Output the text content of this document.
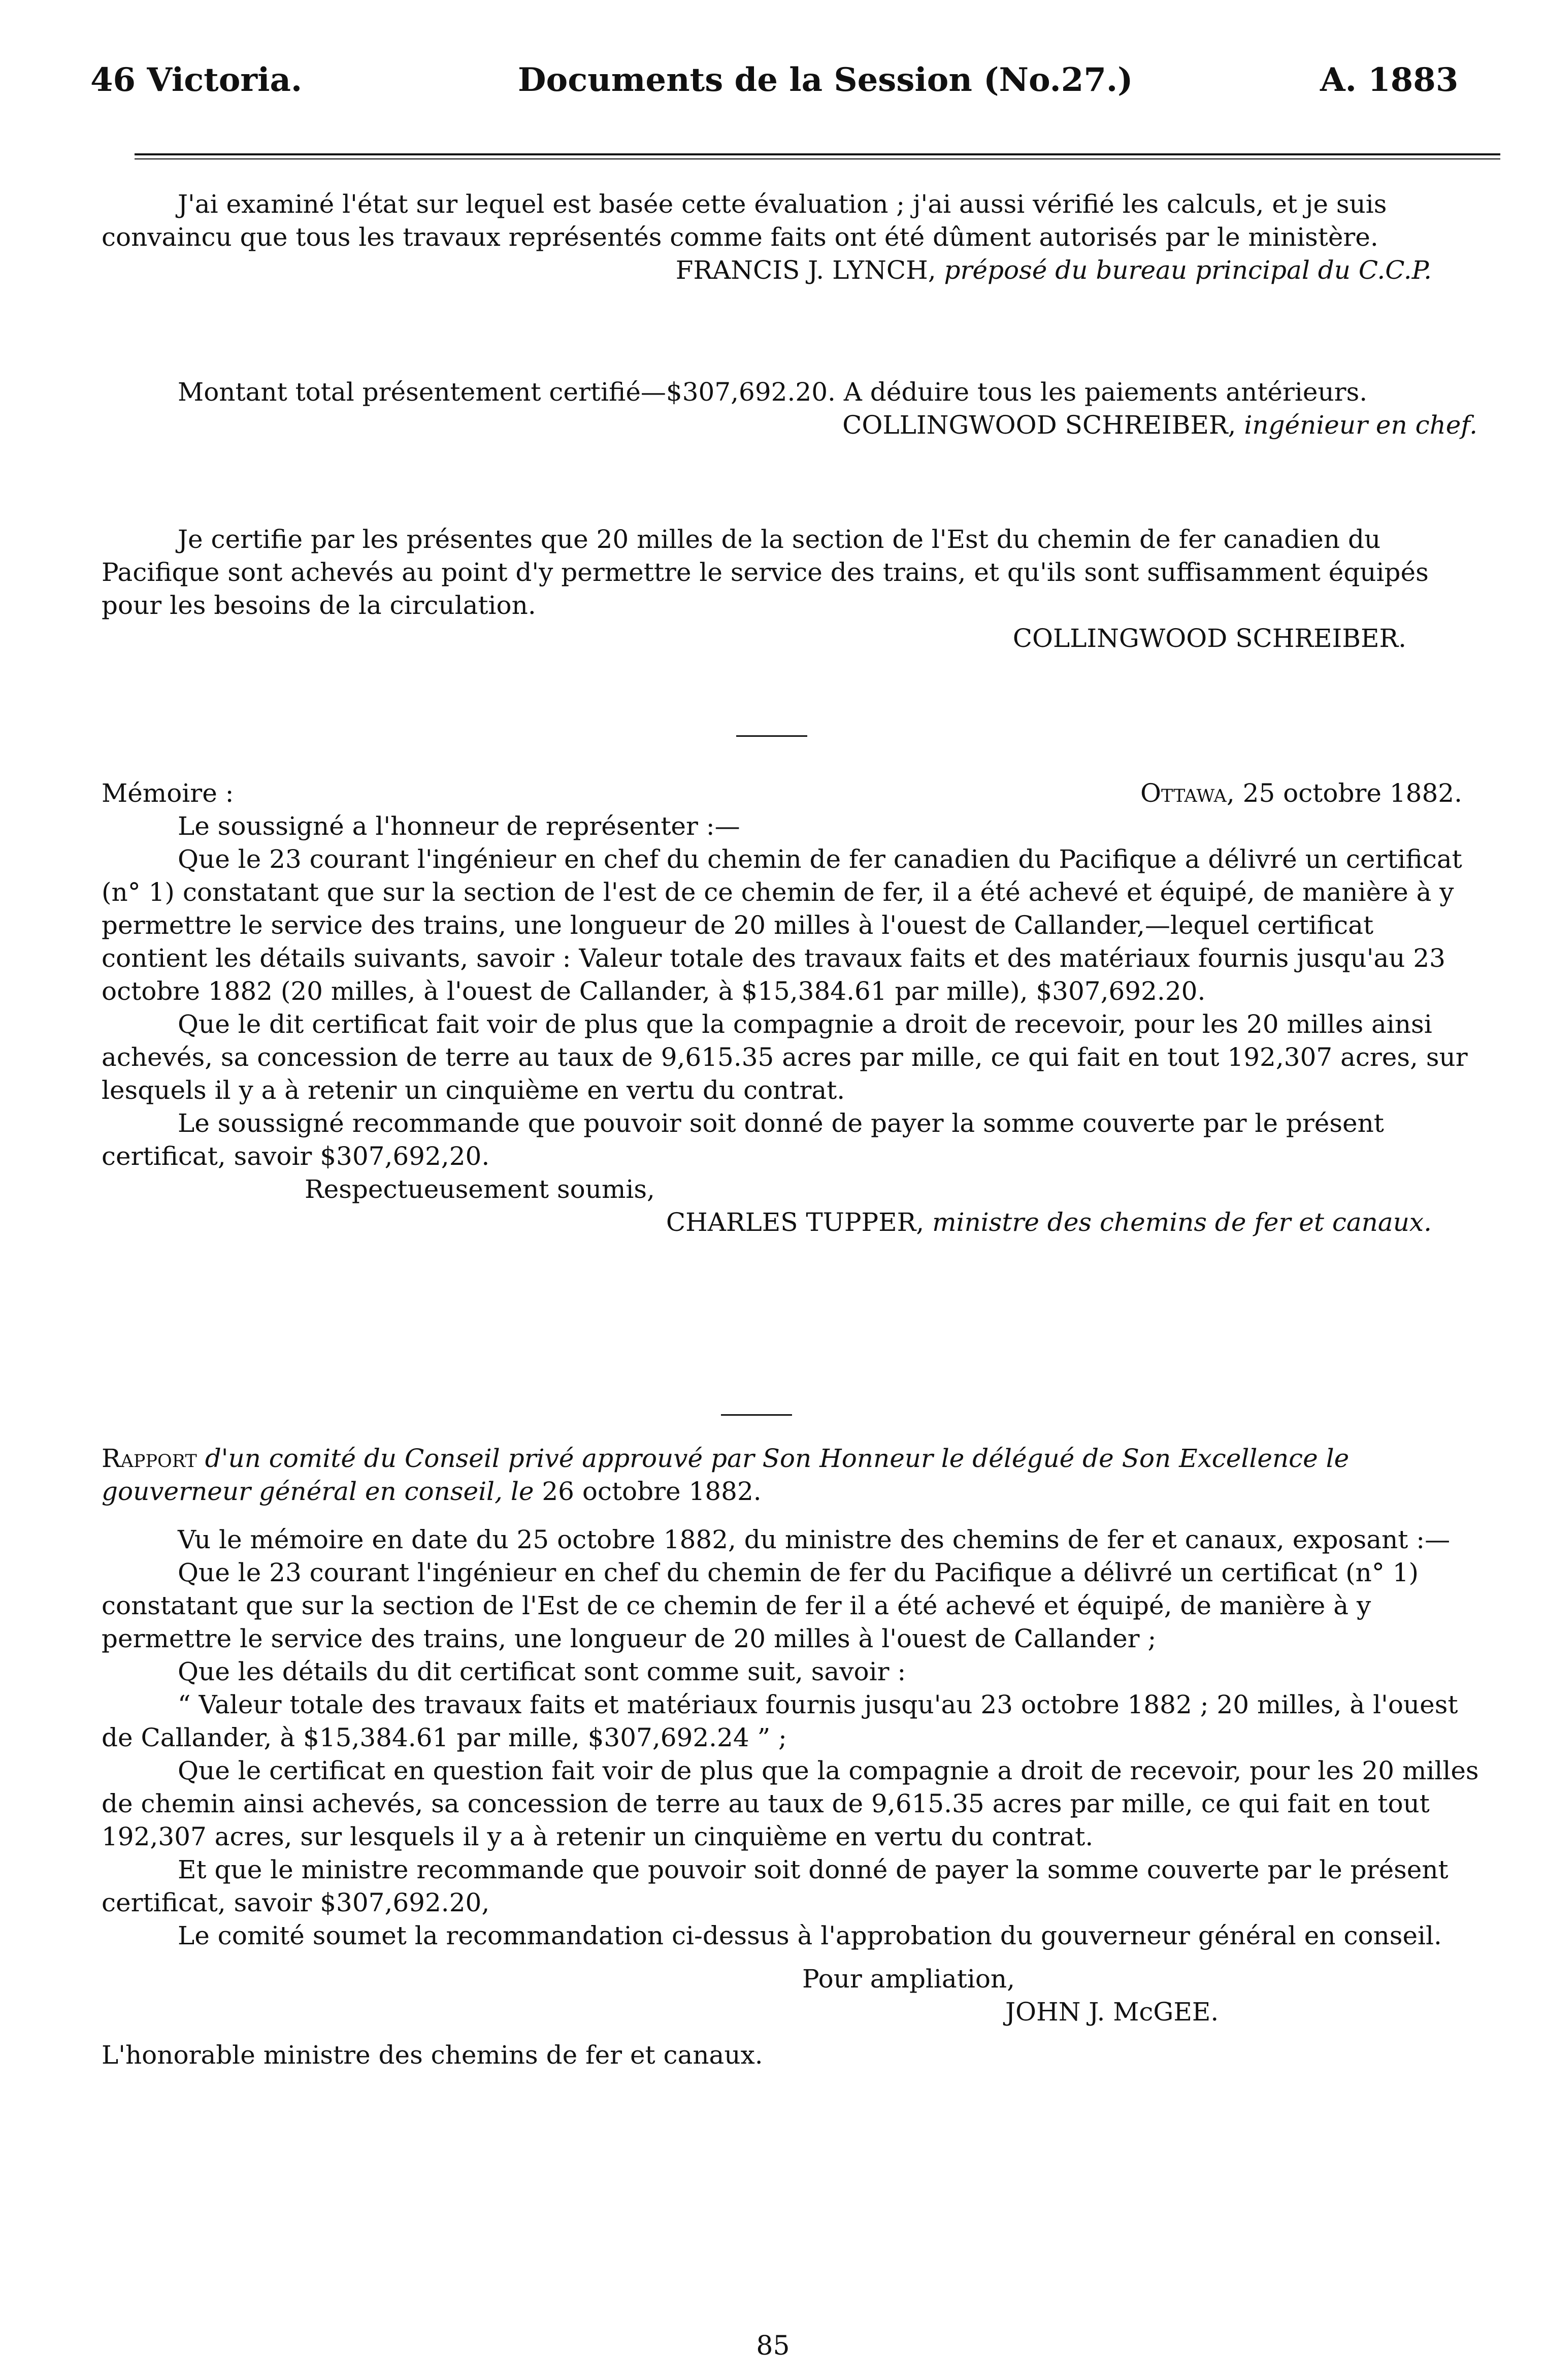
46 Victoria.	Documents de la Session (No.27.)	A. 1883

J'ai examiné l'état sur lequel est basée cette évaluation ; j'ai aussi vérifié les calculs, et je suis convaincu que tous les travaux représentés comme faits ont été dûment autorisés par le ministère.

FRANCIS J. LYNCH, préposé du bureau principal du C.C.P.

Montant total présentement certifié—$307,692.20. A déduire tous les paiements antérieurs.

COLLINGWOOD SCHREIBER, ingénieur en chef.

Je certifie par les présentes que 20 milles de la section de l'Est du chemin de fer canadien du Pacifique sont achevés au point d'y permettre le service des trains, et qu'ils sont suffisamment équipés pour les besoins de la circulation.

COLLINGWOOD SCHREIBER.

Mémoire :	Ottawa, 25 octobre 1882.

Le soussigné a l'honneur de représenter :—

Que le 23 courant l'ingénieur en chef du chemin de fer canadien du Pacifique a délivré un certificat (n° 1) constatant que sur la section de l'est de ce chemin de fer, il a été achevé et équipé, de manière à y permettre le service des trains, une longueur de 20 milles à l'ouest de Callander,—lequel certificat contient les détails suivants, savoir : Valeur totale des travaux faits et des matériaux fournis jusqu'au 23 octobre 1882 (20 milles, à l'ouest de Callander, à $15,384.61 par mille), $307,692.20.

Que le dit certificat fait voir de plus que la compagnie a droit de recevoir, pour les 20 milles ainsi achevés, sa concession de terre au taux de 9,615.35 acres par mille, ce qui fait en tout 192,307 acres, sur lesquels il y a à retenir un cinquième en vertu du contrat.

Le soussigné recommande que pouvoir soit donné de payer la somme couverte par le présent certificat, savoir $307,692,20.

Respectueusement soumis,

CHARLES TUPPER, ministre des chemins de fer et canaux.

Rapport d'un comité du Conseil privé approuvé par Son Honneur le délégué de Son Excellence le gouverneur général en conseil, le 26 octobre 1882.

Vu le mémoire en date du 25 octobre 1882, du ministre des chemins de fer et canaux, exposant :—

Que le 23 courant l'ingénieur en chef du chemin de fer du Pacifique a délivré un certificat (n° 1) constatant que sur la section de l'Est de ce chemin de fer il a été achevé et équipé, de manière à y permettre le service des trains, une longueur de 20 milles à l'ouest de Callander ;

Que les détails du dit certificat sont comme suit, savoir :

“ Valeur totale des travaux faits et matériaux fournis jusqu'au 23 octobre 1882 ; 20 milles, à l'ouest de Callander, à $15,384.61 par mille, $307,692.24 ” ;

Que le certificat en question fait voir de plus que la compagnie a droit de recevoir, pour les 20 milles de chemin ainsi achevés, sa concession de terre au taux de 9,615.35 acres par mille, ce qui fait en tout 192,307 acres, sur lesquels il y a à retenir un cinquième en vertu du contrat.

Et que le ministre recommande que pouvoir soit donné de payer la somme couverte par le présent certificat, savoir $307,692.20,

Le comité soumet la recommandation ci-dessus à l'approbation du gouverneur général en conseil.

Pour ampliation,

JOHN J. McGEE.

L'honorable ministre des chemins de fer et canaux.

85
